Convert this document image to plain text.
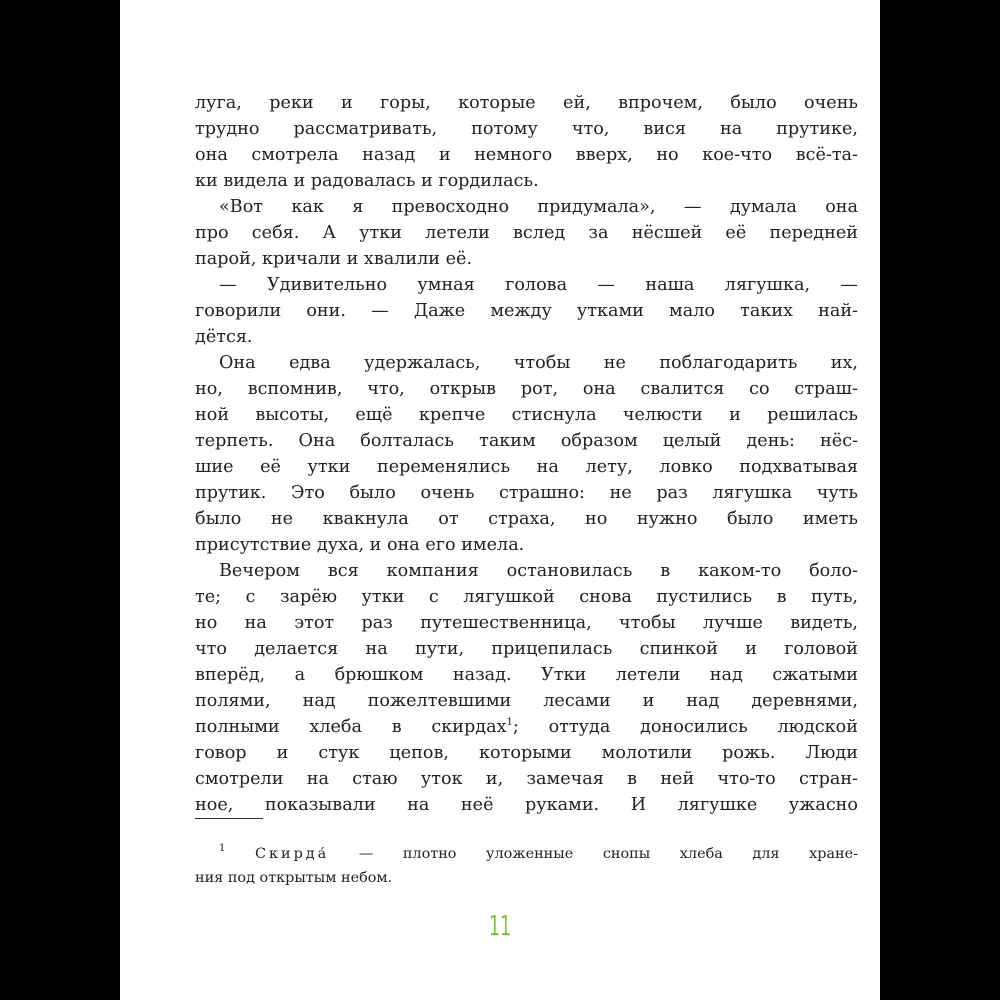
луга, реки и горы, которые ей, впрочем, было очень
трудно рассматривать, потому что, вися на прутике,
она смотрела назад и немного вверх, но кое-что всё-та-
ки видела и радовалась и гордилась.
«Вот как я превосходно придумала», — думала она
про себя. А утки летели вслед за нёсшей её передней
парой, кричали и хвалили её.
— Удивительно умная голова — наша лягушка, —
говорили они. — Даже между утками мало таких най-
дётся.
Она едва удержалась, чтобы не поблагодарить их,
но, вспомнив, что, открыв рот, она свалится со страш-
ной высоты, ещё крепче стиснула челюсти и решилась
терпеть. Она болталась таким образом целый день: нёс-
шие её утки переменялись на лету, ловко подхватывая
прутик. Это было очень страшно: не раз лягушка чуть
было не квакнула от страха, но нужно было иметь
присутствие духа, и она его имела.
Вечером вся компания остановилась в каком-то боло-
те; с зарёю утки с лягушкой снова пустились в путь,
но на этот раз путешественница, чтобы лучше видеть,
что делается на пути, прицепилась спинкой и головой
вперёд, а брюшком назад. Утки летели над сжатыми
полями, над пожелтевшими лесами и над деревнями,
полными хлеба в скирдах$^1$; оттуда доносились людской
говор и стук цепов, которыми молотили рожь. Люди
смотрели на стаю уток и, замечая в ней что-то стран-
ное, показывали на неё руками. И лягушке ужасно
$^1$ Скирда́ — плотно уложенные снопы хлеба для хране-
ния под открытым небом.
11
